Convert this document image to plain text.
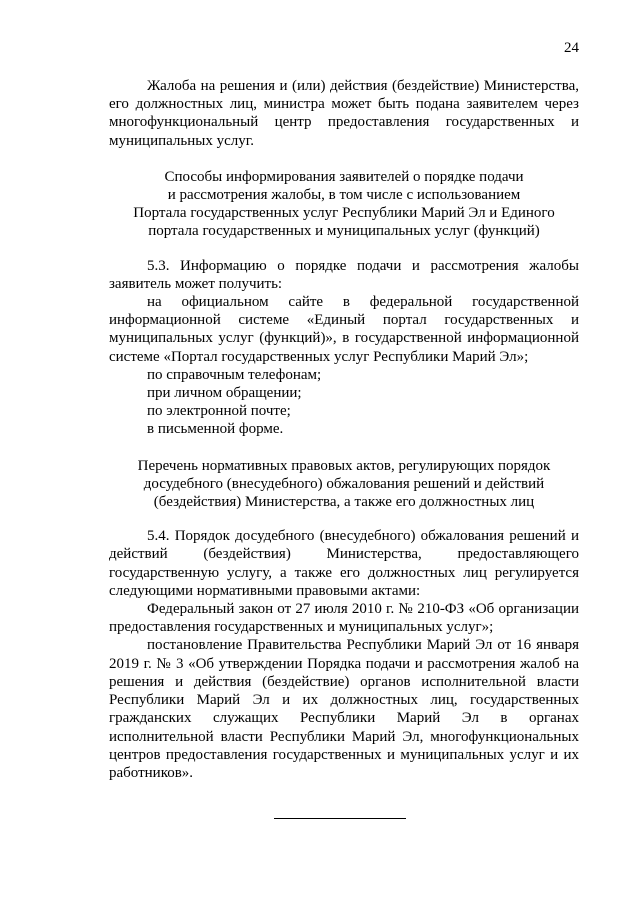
24

Жалоба на решения и (или) действия (бездействие) Министерства, его должностных лиц, министра может быть подана заявителем через многофункциональный центр предоставления государственных и муниципальных услуг.

Способы информирования заявителей о порядке подачи
и рассмотрения жалобы, в том числе с использованием
Портала государственных услуг Республики Марий Эл и Единого
портала государственных и муниципальных услуг (функций)

5.3. Информацию о порядке подачи и рассмотрения жалобы заявитель может получить:

на официальном сайте в федеральной государственной информационной системе «Единый портал государственных и муниципальных услуг (функций)», в государственной информационной системе «Портал государственных услуг Республики Марий Эл»;

по справочным телефонам;

при личном обращении;

по электронной почте;

в письменной форме.

Перечень нормативных правовых актов, регулирующих порядок
досудебного (внесудебного) обжалования решений и действий
(бездействия) Министерства, а также его должностных лиц

5.4. Порядок досудебного (внесудебного) обжалования решений и действий (бездействия) Министерства, предоставляющего государственную услугу, а также его должностных лиц регулируется следующими нормативными правовыми актами:

Федеральный закон от 27 июля 2010 г. № 210-ФЗ «Об организации предоставления государственных и муниципальных услуг»;

постановление Правительства Республики Марий Эл от 16 января 2019 г. № 3 «Об утверждении Порядка подачи и рассмотрения жалоб на решения и действия (бездействие) органов исполнительной власти Республики Марий Эл и их должностных лиц, государственных гражданских служащих Республики Марий Эл в органах исполнительной власти Республики Марий Эл, многофункциональных центров предоставления государственных и муниципальных услуг и их работников».
